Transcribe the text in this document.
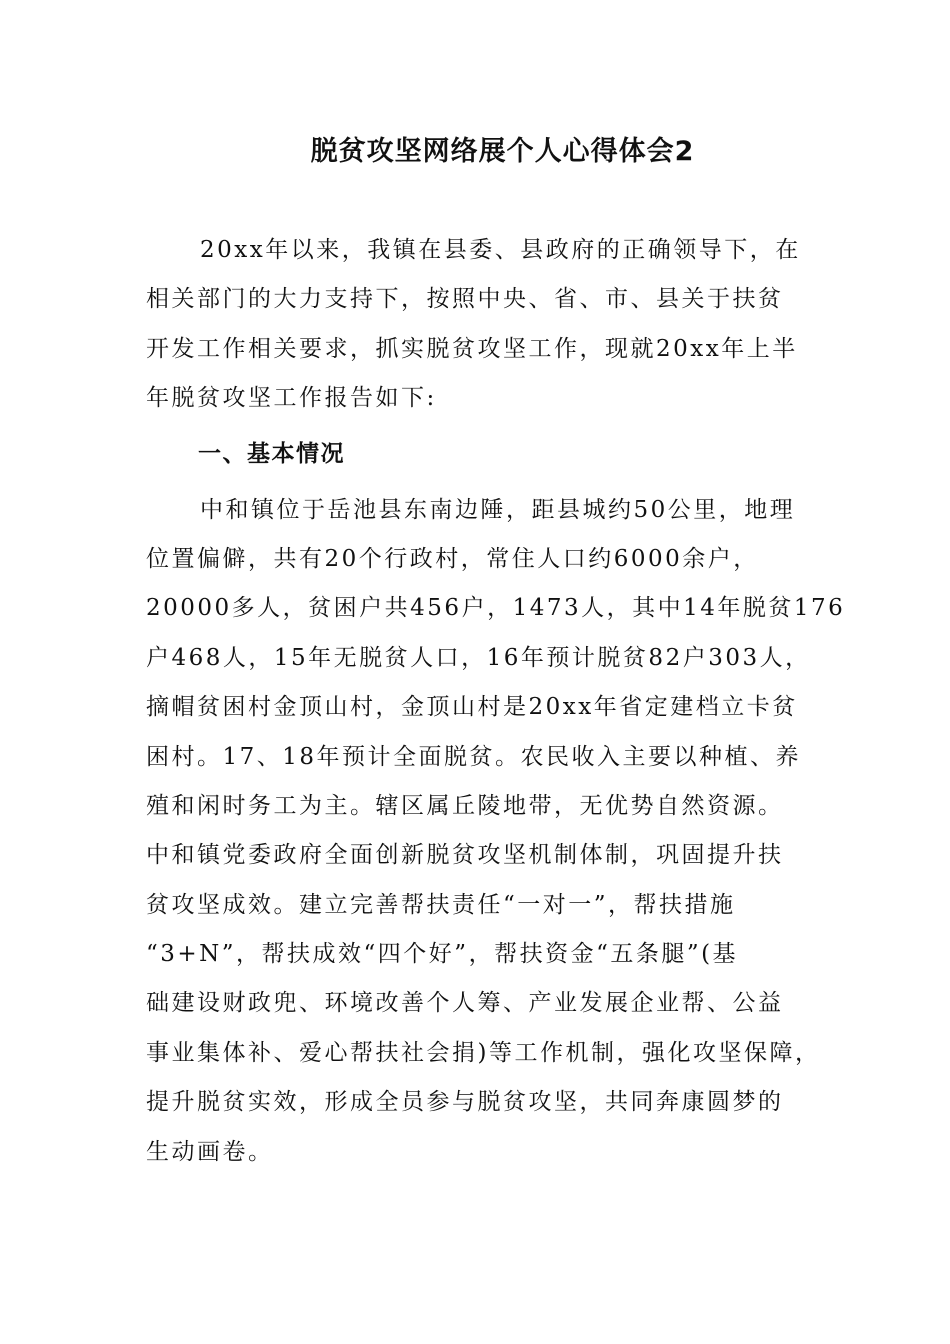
脱贫攻坚网络展个人心得体会2
20xx年以来，我镇在县委、县政府的正确领导下，在
相关部门的大力支持下，按照中央、省、市、县关于扶贫
开发工作相关要求，抓实脱贫攻坚工作，现就20xx年上半
年脱贫攻坚工作报告如下:
一、基本情况
中和镇位于岳池县东南边陲，距县城约50公里，地理
位置偏僻，共有20个行政村，常住人口约6000余户，
20000多人，贫困户共456户，1473人，其中14年脱贫176
户468人，15年无脱贫人口，16年预计脱贫82户303人，
摘帽贫困村金顶山村，金顶山村是20xx年省定建档立卡贫
困村。17、18年预计全面脱贫。农民收入主要以种植、养
殖和闲时务工为主。辖区属丘陵地带，无优势自然资源。
中和镇党委政府全面创新脱贫攻坚机制体制，巩固提升扶
贫攻坚成效。建立完善帮扶责任“一对一”，帮扶措施
“3+N”，帮扶成效“四个好”，帮扶资金“五条腿”(基
础建设财政兜、环境改善个人筹、产业发展企业帮、公益
事业集体补、爱心帮扶社会捐)等工作机制，强化攻坚保障，
提升脱贫实效，形成全员参与脱贫攻坚，共同奔康圆梦的
生动画卷。
